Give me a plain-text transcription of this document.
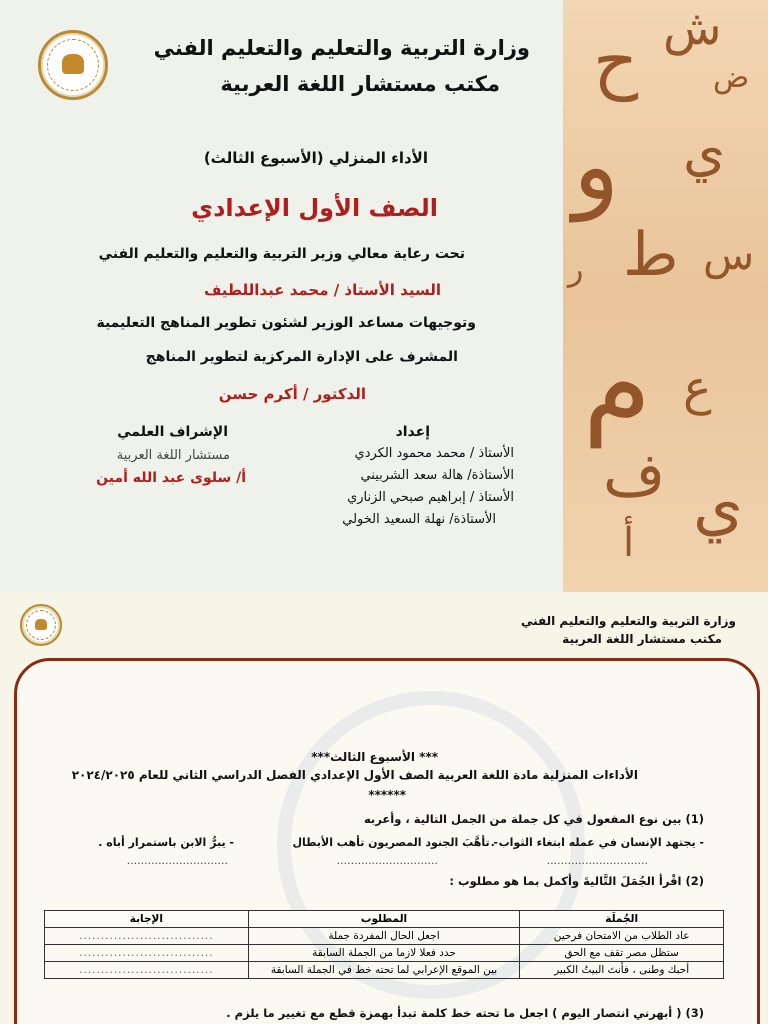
ح ش
و ي
ط س
م ع
ف ي
أ
ض
ر
وزارة التربية والتعليم والتعليم الفني
مكتب مستشار اللغة العربية
الأداء المنزلي (الأسبوع الثالث)
الصف الأول الإعدادي
تحت رعاية معالي وزير التربية والتعليم والتعليم الفني
السيد الأستاذ / محمد عبداللطيف
وتوجيهات مساعد الوزير لشئون تطوير المناهج التعليمية
المشرف على الإدارة المركزية لتطوير المناهج
الدكتور / أكرم حسن
إعداد
الأستاذ / محمد محمود الكردي
الأستاذة/ هالة سعد الشربيني
الأستاذ / إبراهيم صبحي الزناري
الأستاذة/ نهلة السعيد الخولي
الإشراف العلمي
مستشار اللغة العربية
أ/ سلوى عبد الله أمين
وزارة التربية والتعليم والتعليم الفني
مكتب مستشار اللغة العربية
*** الأسبوع الثالث***
الأداءات المنزلية مادة اللغة العربية الصف الأول الإعدادي الفصل الدراسي الثاني للعام ٢٠٢٤/٢٠٢٥
******
(1) بين نوع المفعول في كل جملة من الجمل التالية ، وأعربه
- يجتهد الإنسان في عمله ابتغاء الثواب .
- تأهَّبَ الجنود المصريون تأهب الأبطال
- يبرُّ الابن باستمرار أباه .
.............................
.............................
.............................
(2) اقْرأ الجُمَلَ التَّاليةَ وأكمل بما هو مطلوب :
الجُملَة	المطلوب	الإجابة
عاد الطلاب من الامتحان فرحين	اجعل الحال المفردة جملة	...............................
ستظل مصر تقف مع الحق	حدد فعلا لازما من الجملة السابقة	...............................
أحبك وطنى ، فأنتَ البيتُ الكبير	بين الموقع الإعرابي لما تحته خط في الجملة السابقة	...............................
(3) ( أبهرني انتصار اليوم ) اجعل ما تحته خط كلمة تبدأ بهمزة قطع مع تغيير ما يلزم .
